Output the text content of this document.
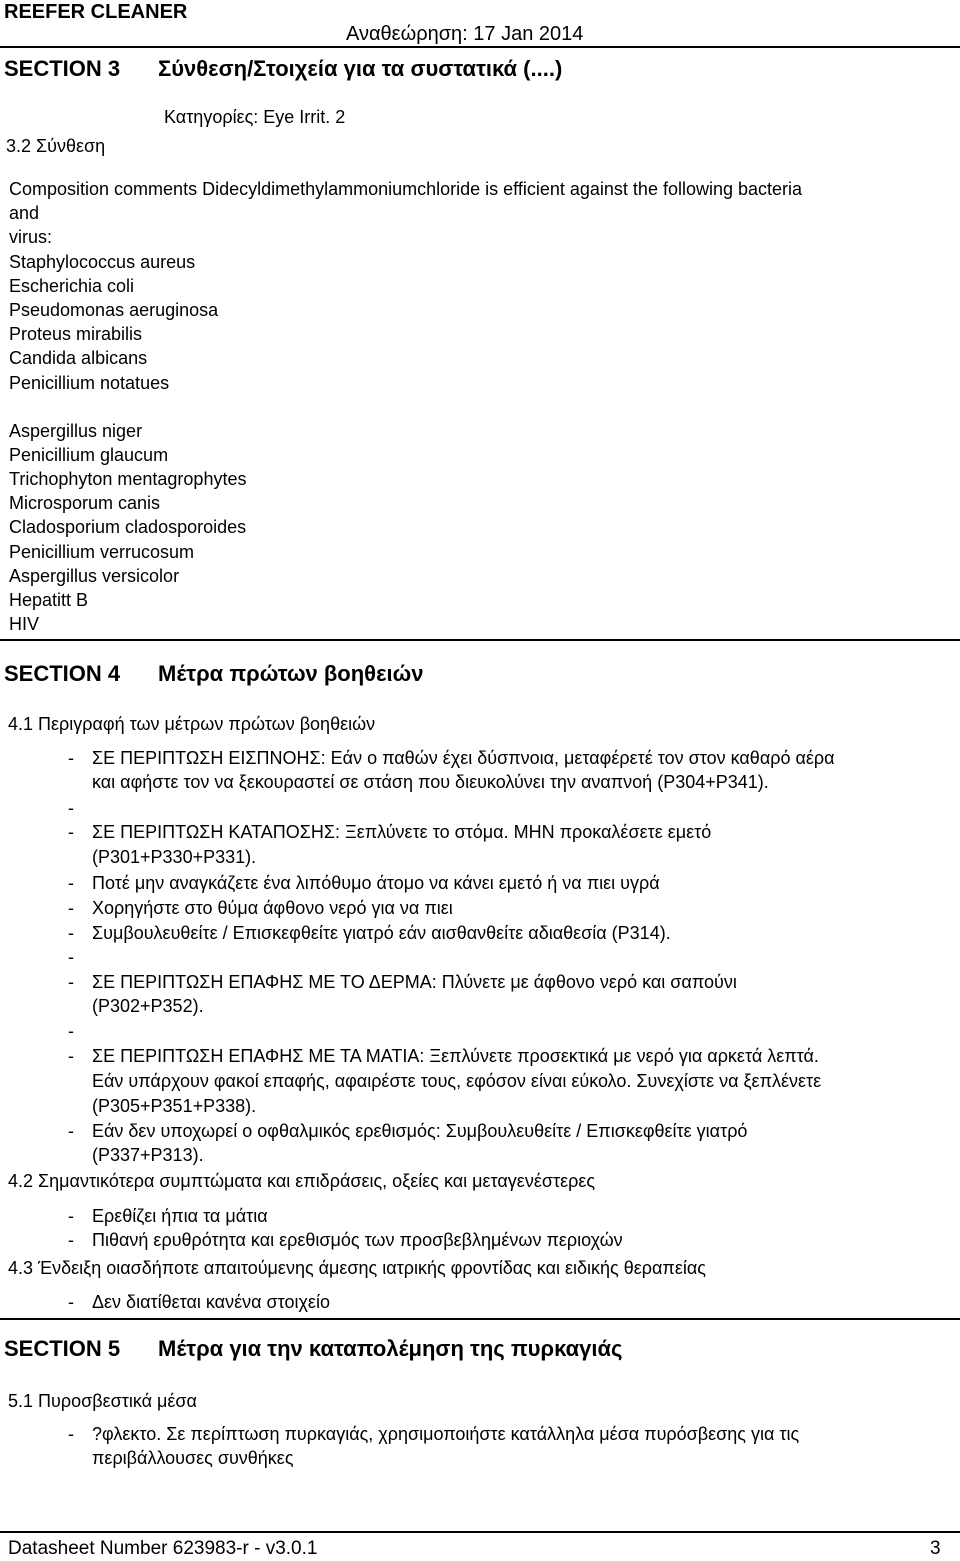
REEFER CLEANER
Αναθεώρηση: 17 Jan 2014
SECTION 3 Σύνθεση/Στοιχεία για τα συστατικά (....)
Κατηγορίες: Eye Irrit. 2
3.2 Σύνθεση
Composition comments Didecyldimethylammoniumchloride is efficient against the following bacteria
and
virus:
Staphylococcus aureus
Escherichia coli
Pseudomonas aeruginosa
Proteus mirabilis
Candida albicans
Penicillium notatues
Aspergillus niger
Penicillium glaucum
Trichophyton mentagrophytes
Microsporum canis
Cladosporium cladosporoides
Penicillium verrucosum
Aspergillus versicolor
Hepatitt B
HIV
SECTION 4 Μέτρα πρώτων βοηθειών
4.1 Περιγραφή των μέτρων πρώτων βοηθειών
- ΣΕ ΠΕΡΙΠΤΩΣΗ ΕΙΣΠΝΟΗΣ: Εάν ο παθών έχει δύσπνοια, μεταφέρετέ τον στον καθαρό αέρα
και αφήστε τον να ξεκουραστεί σε στάση που διευκολύνει την αναπνοή (P304+P341).
-
- ΣΕ ΠΕΡΙΠΤΩΣΗ ΚΑΤΑΠΟΣΗΣ: Ξεπλύνετε το στόμα. ΜΗΝ προκαλέσετε εμετό
(P301+P330+P331).
- Ποτέ μην αναγκάζετε ένα λιπόθυμο άτομο να κάνει εμετό ή να πιει υγρά
- Χορηγήστε στο θύμα άφθονο νερό για να πιει
- Συμβουλευθείτε / Επισκεφθείτε γιατρό εάν αισθανθείτε αδιαθεσία (P314).
-
- ΣΕ ΠΕΡΙΠΤΩΣΗ ΕΠΑΦΗΣ ΜΕ ΤΟ ΔΕΡΜΑ: Πλύνετε με άφθονο νερό και σαπούνι
(P302+P352).
-
- ΣΕ ΠΕΡΙΠΤΩΣΗ ΕΠΑΦΗΣ ΜΕ ΤΑ ΜΑΤΙΑ: Ξεπλύνετε προσεκτικά με νερό για αρκετά λεπτά.
Εάν υπάρχουν φακοί επαφής, αφαιρέστε τους, εφόσον είναι εύκολο. Συνεχίστε να ξεπλένετε
(P305+P351+P338).
- Εάν δεν υποχωρεί ο οφθαλμικός ερεθισμός: Συμβουλευθείτε / Επισκεφθείτε γιατρό
(P337+P313).
4.2 Σημαντικότερα συμπτώματα και επιδράσεις, οξείες και μεταγενέστερες
- Ερεθίζει ήπια τα μάτια
- Πιθανή ερυθρότητα και ερεθισμός των προσβεβλημένων περιοχών
4.3 Ένδειξη οιασδήποτε απαιτούμενης άμεσης ιατρικής φροντίδας και ειδικής θεραπείας
- Δεν διατίθεται κανένα στοιχείο
SECTION 5 Μέτρα για την καταπολέμηση της πυρκαγιάς
5.1 Πυροσβεστικά μέσα
- ?φλεκτο. Σε περίπτωση πυρκαγιάς, χρησιμοποιήστε κατάλληλα μέσα πυρόσβεσης για τις
περιβάλλουσες συνθήκες
Datasheet Number 623983-r - v3.0.1	3
